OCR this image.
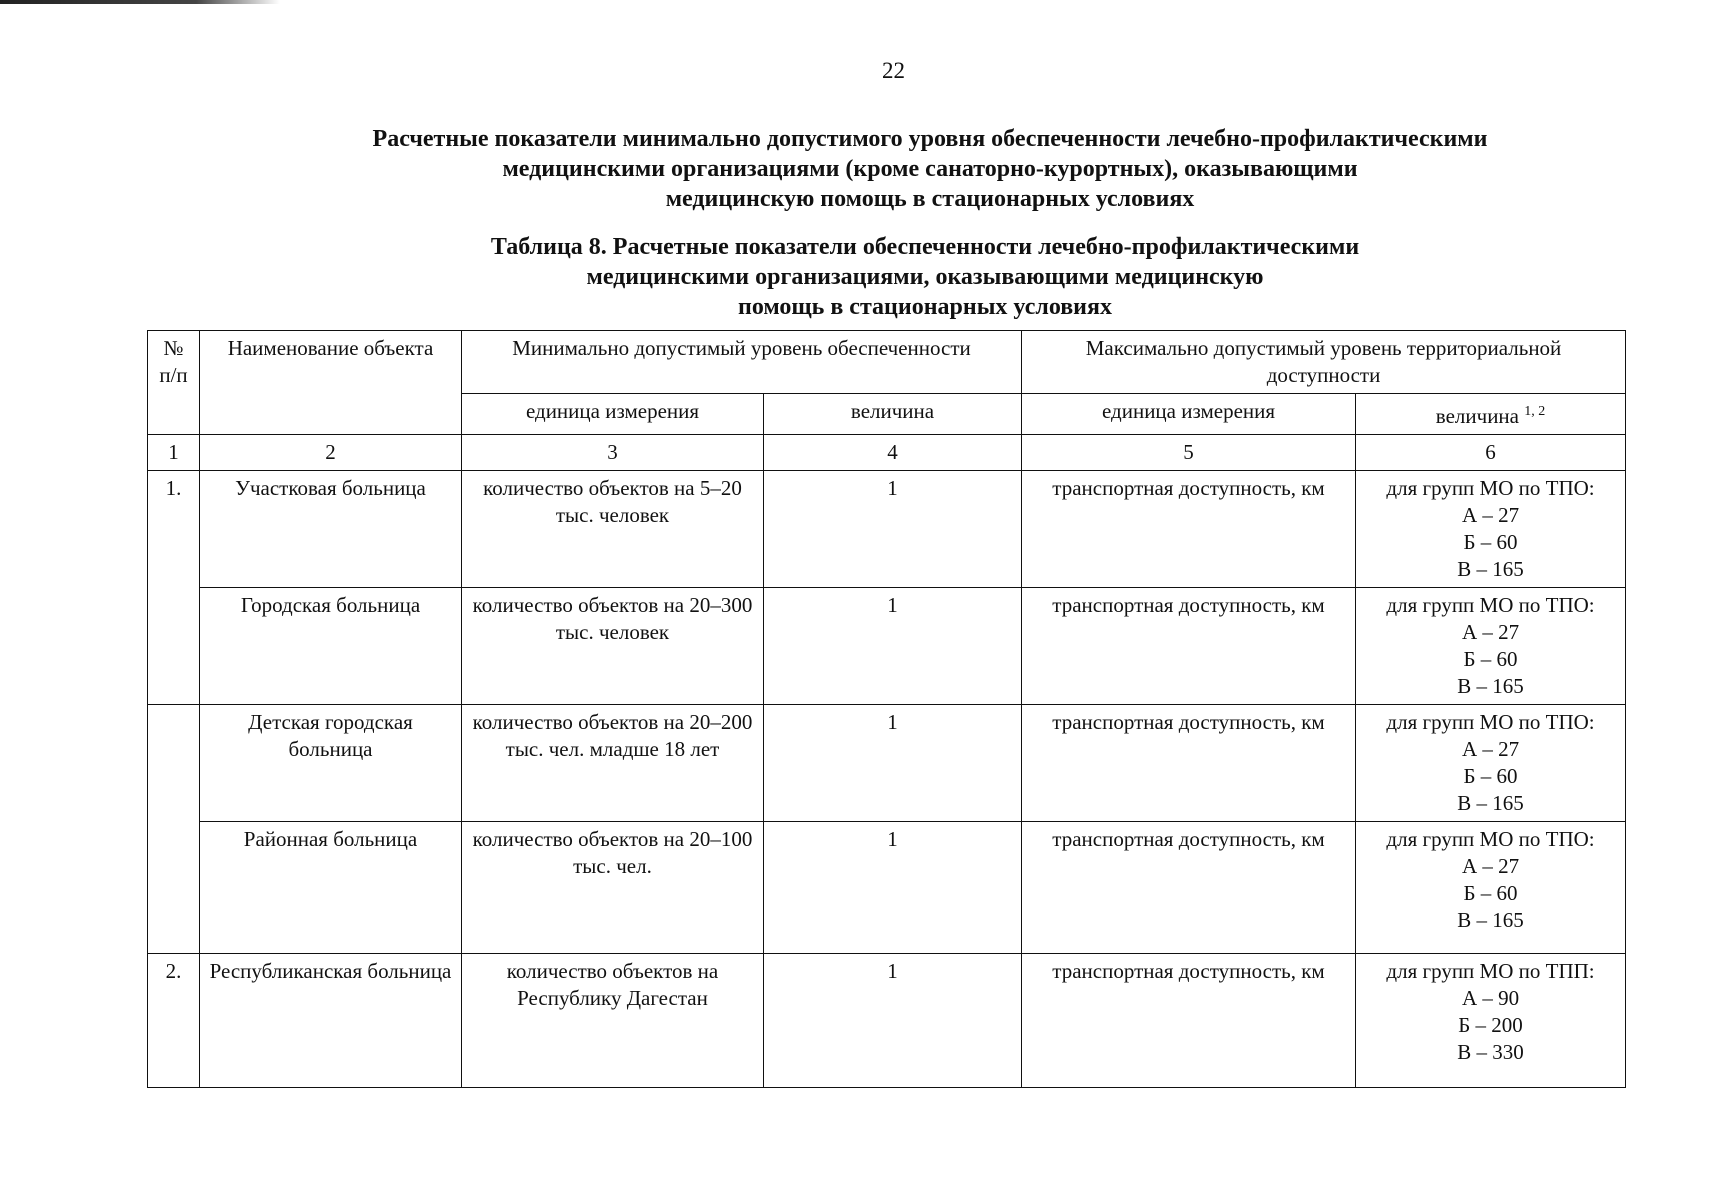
22
Расчетные показатели минимально допустимого уровня обеспеченности лечебно-профилактическими
медицинскими организациями (кроме санаторно-курортных), оказывающими
медицинскую помощь в стационарных условиях
Таблица 8. Расчетные показатели обеспеченности лечебно-профилактическими
медицинскими организациями, оказывающими медицинскую
помощь в стационарных условиях
№ п/п	Наименование объекта	Минимально допустимый уровень обеспеченности		Максимально допустимый уровень территориальной доступности	
		единица измерения	величина	единица измерения	величина $^{1, 2}$
1	2	3	4	5	6
1.	Участковая больница	количество объектов на 5–20 тыс. человек	1	транспортная доступность, км	для групп МО по ТПО:
А – 27
Б – 60
В – 165

	Городская больница	количество объектов на 20–300 тыс. человек	1	транспортная доступность, км	для групп МО по ТПО:
А – 27
Б – 60
В – 165

	Детская городская больница	количество объектов на 20–200 тыс. чел. младше 18 лет	1	транспортная доступность, км	для групп МО по ТПО:
А – 27
Б – 60
В – 165

	Районная больница	количество объектов на 20–100 тыс. чел.	1	транспортная доступность, км	для групп МО по ТПО:
А – 27
Б – 60
В – 165

2.	Республиканская больница	количество объектов на Республику Дагестан	1	транспортная доступность, км	для групп МО по ТПП:
А – 90
Б – 200
В – 330
